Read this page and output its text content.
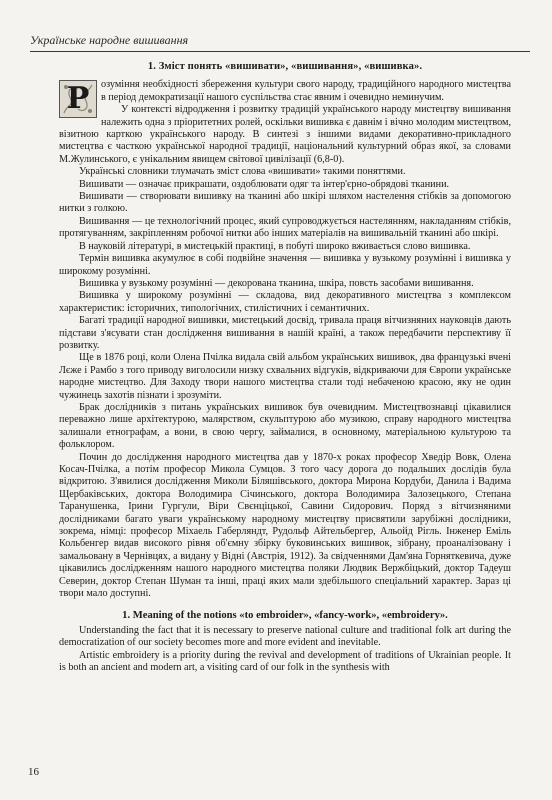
Українське народне вишивання
1. Зміст понять «вишивати», «вишивання», «вишивка».

Р озуміння необхідності збереження культури свого народу, традиційного народного мистецтва в період демократизації нашого суспільства стає явним і очевидно неминучим.

У контексті відродження і розвитку традицій українського народу мистецтву вишивання належить одна з пріоритетних ролей, оскільки вишивка є давнім і вічно молодим мистецтвом, візитною карткою українського народу. В синтезі з іншими видами декоративно-прикладного мистецтва є часткою української народної традиції, національний культурний образ якої, за словами М.Жулинського, є унікальним явищем світової цивілізації (6,8-0).

Українські словники тлумачать зміст слова «вишивати» такими поняттями.

Вишивати — означає прикрашати, оздоблювати одяг та інтер'єрно-обрядові тканини.

Вишивати — створювати вишивку на тканині або шкірі шляхом настелення стібків за допомогою нитки з голкою.

Вишивання — це технологічний процес, який супроводжується настелянням, накладанням стібків, протягуванням, закріпленням робочої нитки або інших матеріалів на вишивальній тканині або шкірі.

В науковій літературі, в мистецькій практиці, в побуті широко вживається слово вишивка.

Термін вишивка акумулює в собі подвійне значення — вишивка у вузькому розумінні і вишивка у широкому розумінні.

Вишивка у вузькому розумінні — декорована тканина, шкіра, повсть засобами вишивання.

Вишивка у широкому розумінні — складова, вид декоративного мистецтва з комплексом характеристик: історичних, типологічних, стилістичних і семантичних.

Багаті традиції народної вишивки, мистецький досвід, тривала праця вітчизняних науковців дають підстави з'ясувати стан дослідження вишивання в нашій країні, а також передбачити перспективу її розвитку.

Ще в 1876 році, коли Олена Пчілка видала свій альбом українських вишивок, два французькі вчені Лєже і Рамбо з того приводу виголосили низку схвальних відгуків, відкриваючи для Європи українське народне мистецтво. Для Заходу твори нашого мистецтва стали тоді небаченою красою, яку не один чужинець захотів пізнати і зрозуміти.

Брак дослідників з питань українських вишивок був очевидним. Мистецтвознавці цікавилися переважно лише архітектурою, малярством, скульптурою або музикою, справу народного мистецтва залишали етнографам, а вони, в свою чергу, займалися, в основному, матеріальною культурою та фольклором.

Почин до дослідження народного мистецтва дав у 1870-х роках професор Хведір Вовк, Олена Косач-Пчілка, а потім професор Микола Сумцов. З того часу дорога до подальших дослідів була відкритою. З'явилися дослідження Миколи Біляшівського, доктора Мирона Кордуби, Данила і Вадима Щербаківських, доктора Володимира Січинського, доктора Володимира Залозецького, Степана Таранушенка, Ірини Гургули, Віри Свєнціцької, Савини Сидорович. Поряд з вітчизняними дослідниками багато уваги українському народному мистецтву присвятили зарубіжні дослідники, зокрема, німці: професор Міхаель Габерляндт, Рудольф Айтельбергер, Альойд Рігль. Інженер Еміль Кольбенгер видав високого рівня об'ємну збірку буковинських вишивок, зібрану, проаналізовану і замальовану в Чернівцях, а видану у Відні (Австрія, 1912). За свідченнями Дам'яна Горняткевича, дуже цікавились дослідженням нашого народного мистецтва поляки Людвик Вержбіцький, доктор Тадеуш Северин, доктор Степан Шуман та інші, праці яких мали здебільшого спеціальний характер. Зараз ці твори мало доступні.

1. Meaning of the notions «to embroider», «fancy-work», «embroidery».

Understanding the fact that it is necessary to preserve national culture and traditional folk art during the democratization of our society becomes more and more evident and inevitable.

Artistic embroidery is a priority during the revival and development of traditions of Ukrainian people. It is both an ancient and modern art, a visiting card of our folk in the synthesis with

16
